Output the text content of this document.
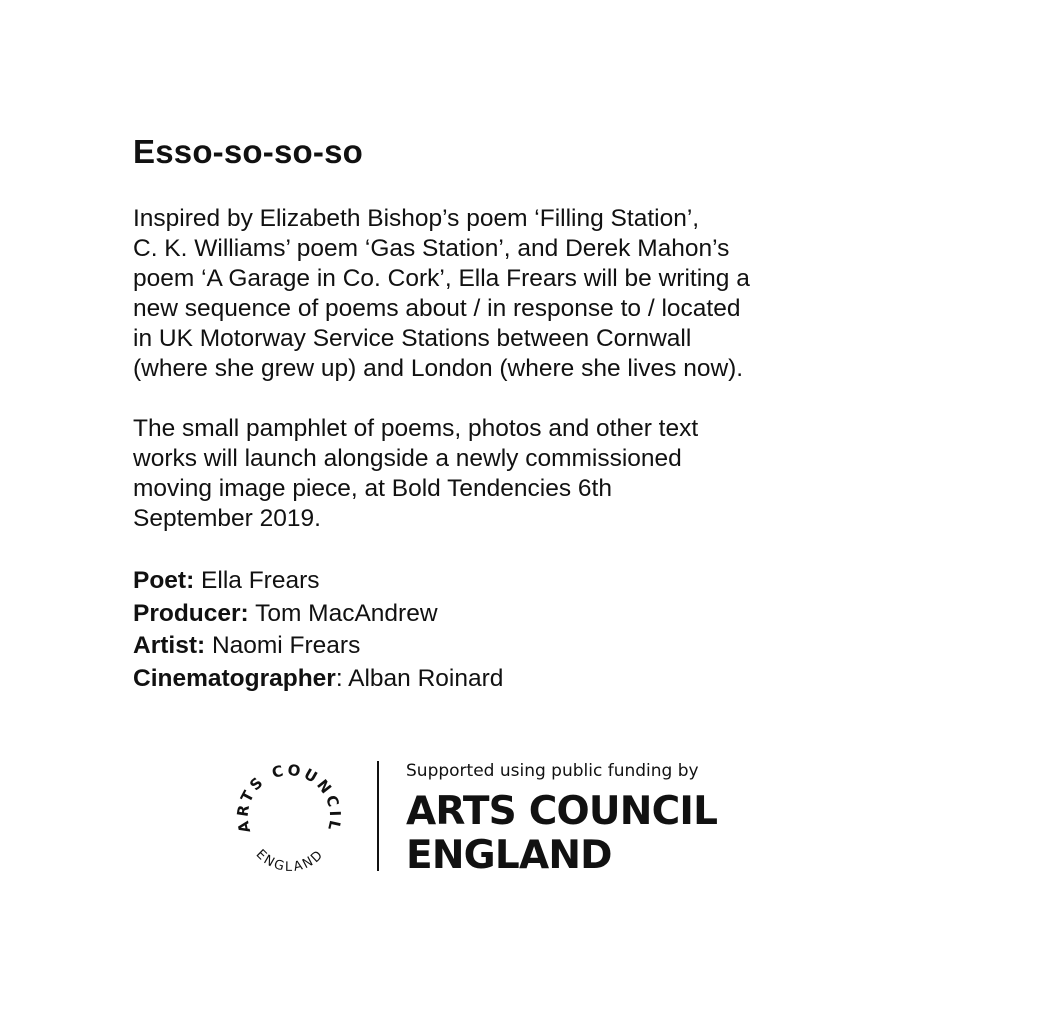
Esso-so-so-so

Inspired by Elizabeth Bishop’s poem ‘Filling Station’,
C. K. Williams’ poem ‘Gas Station’, and Derek Mahon’s
poem ‘A Garage in Co. Cork’, Ella Frears will be writing a
new sequence of poems about / in response to / located
in UK Motorway Service Stations between Cornwall
(where she grew up) and London (where she lives now).

The small pamphlet of poems, photos and other text
works will launch alongside a newly commissioned
moving image piece, at Bold Tendencies 6th
September 2019.

Poet: Ella Frears
Producer: Tom MacAndrew
Artist: Naomi Frears
Cinematographer: Alban Roinard
ARTS COUNCIL
ENGLAND

Supported using public funding by

ARTS COUNCIL

ENGLAND
